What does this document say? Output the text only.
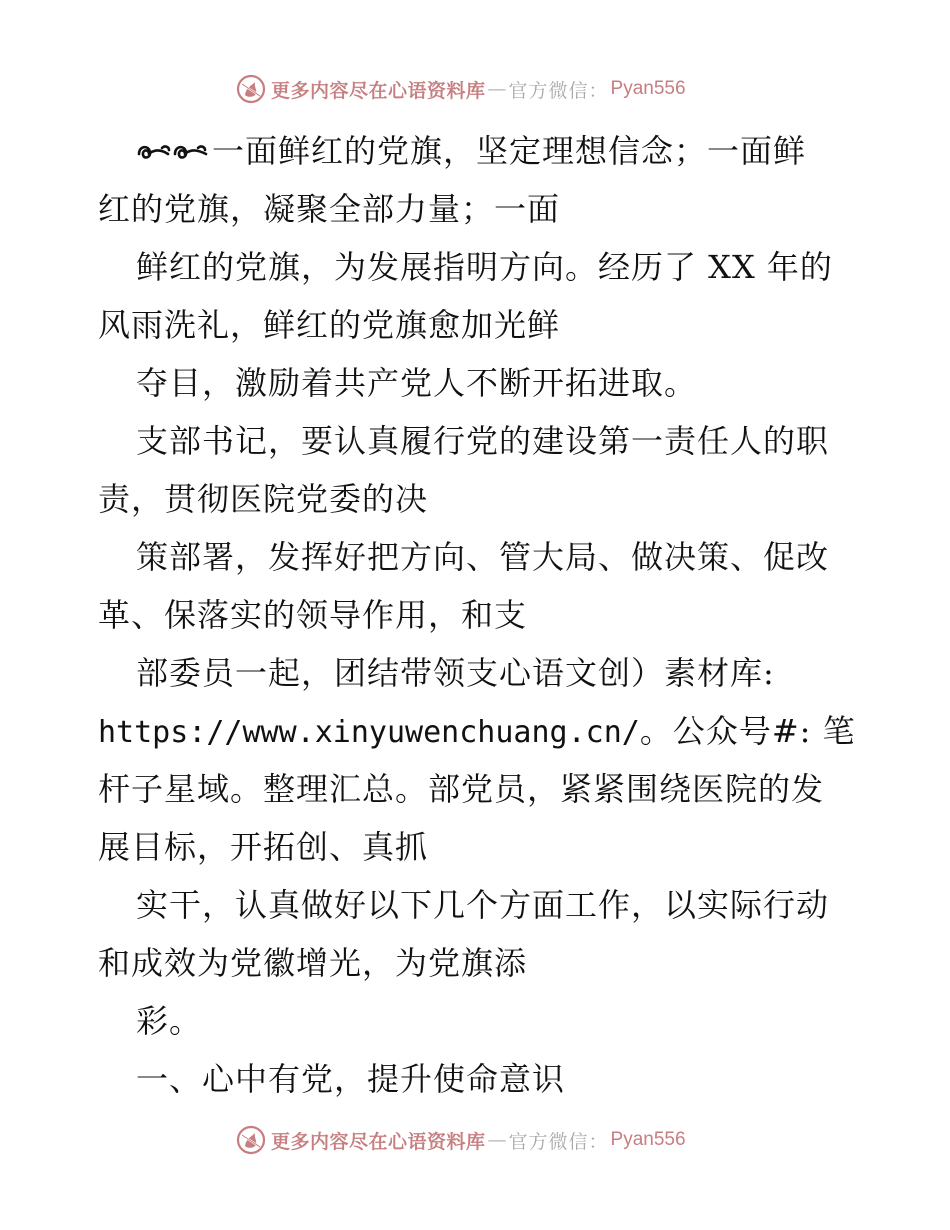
更多内容尽在心语资料库 — 官方微信： Pyan556
一面鲜红的党旗，坚定理想信念；一面鲜
红的党旗，凝聚全部力量；一面
鲜红的党旗，为发展指明方向。经历了 XX 年的
风雨洗礼，鲜红的党旗愈加光鲜
夺目，激励着共产党人不断开拓进取。
支部书记，要认真履行党的建设第一责任人的职
责，贯彻医院党委的决
策部署，发挥好把方向、管大局、做决策、促改
革、保落实的领导作用，和支
部委员一起，团结带领支心语文创）素材库:
https://www.xinyuwenchuang.cn/。公众号#: 笔
杆子星域。整理汇总。部党员，紧紧围绕医院的发
展目标，开拓创、真抓
实干，认真做好以下几个方面工作，以实际行动
和成效为党徽增光，为党旗添
彩。
一、心中有党，提升使命意识
更多内容尽在心语资料库 — 官方微信： Pyan556
